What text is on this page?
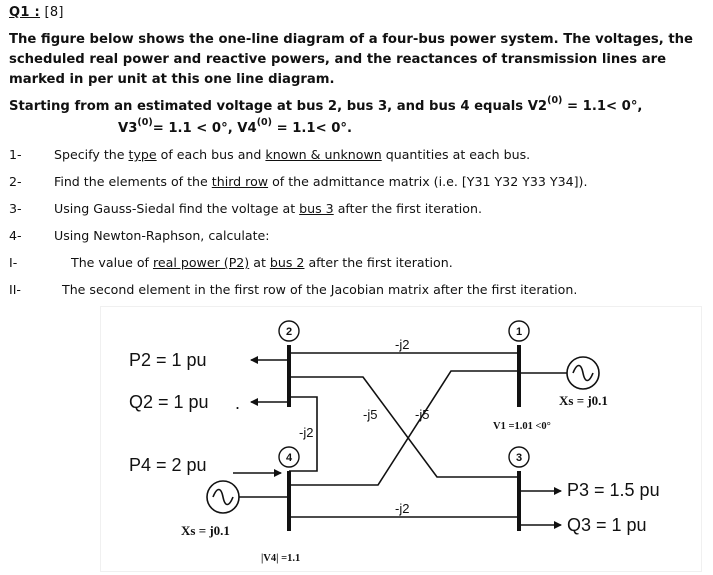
Q1 : [8]
The figure below shows the one-line diagram of a four-bus power system. The voltages, the scheduled real power and reactive powers, and the reactances of transmission lines are marked in per unit at this one line diagram.
Starting from an estimated voltage at bus 2, bus 3, and bus 4 equals $V2^{(0)} = 1.1< 0^\circ$,
$V3^{(0)}= 1.1 < 0^\circ$, $V4^{(0)} = 1.1< 0^\circ$.
1-	Specify the type of each bus and known & unknown quantities at each bus.
2-	Find the elements of the third row of the admittance matrix (i.e. [Y31 Y32 Y33 Y34]).
3-	Using Gauss-Siedal find the voltage at bus 3 after the first iteration.
4-	Using Newton-Raphson, calculate:
I-	The value of real power (P2) at bus 2 after the first iteration.
II-	The second element in the first row of the Jacobian matrix after the first iteration.
2	1
4	3
P2 = 1 pu
Q2 = 1 pu .
P4 = 2 pu
P3 = 1.5 pu
Q3 = 1 pu
-j2
-j2
-j5	-j5
-j2
Xs = j0.1
Xs = j0.1
V1 =1.01 <0°
|V4| =1.1
